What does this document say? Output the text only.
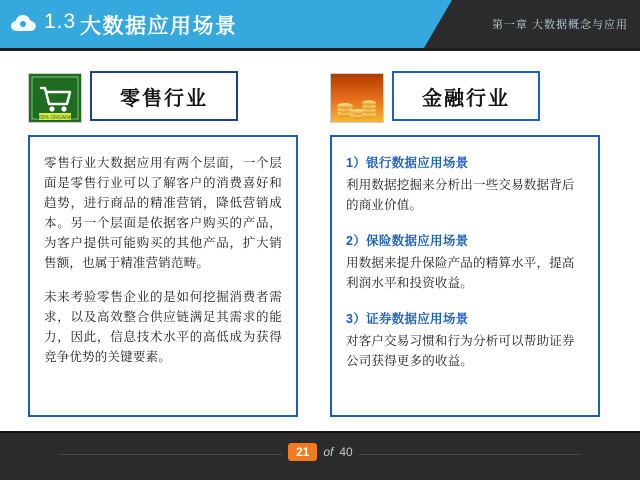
1.3 大数据应用场景	第一章 大数据概念与应用
100% ORGANIC
零售行业

零售行业大数据应用有两个层面，一个层面是零售行业可以了解客户的消费喜好和趋势，进行商品的精准营销，降低营销成本。另一个层面是依据客户购买的产品，为客户提供可能购买的其他产品，扩大销售额，也属于精准营销范畴。

未来考验零售企业的是如何挖掘消费者需求，以及高效整合供应链满足其需求的能力，因此，信息技术水平的高低成为获得竞争优势的关键要素。

金融行业

1）银行数据应用场景

利用数据挖掘来分析出一些交易数据背后的商业价值。

2）保险数据应用场景

用数据来提升保险产品的精算水平，提高利润水平和投资收益。

3）证券数据应用场景

对客户交易习惯和行为分析可以帮助证券公司获得更多的收益。

21	of 40
